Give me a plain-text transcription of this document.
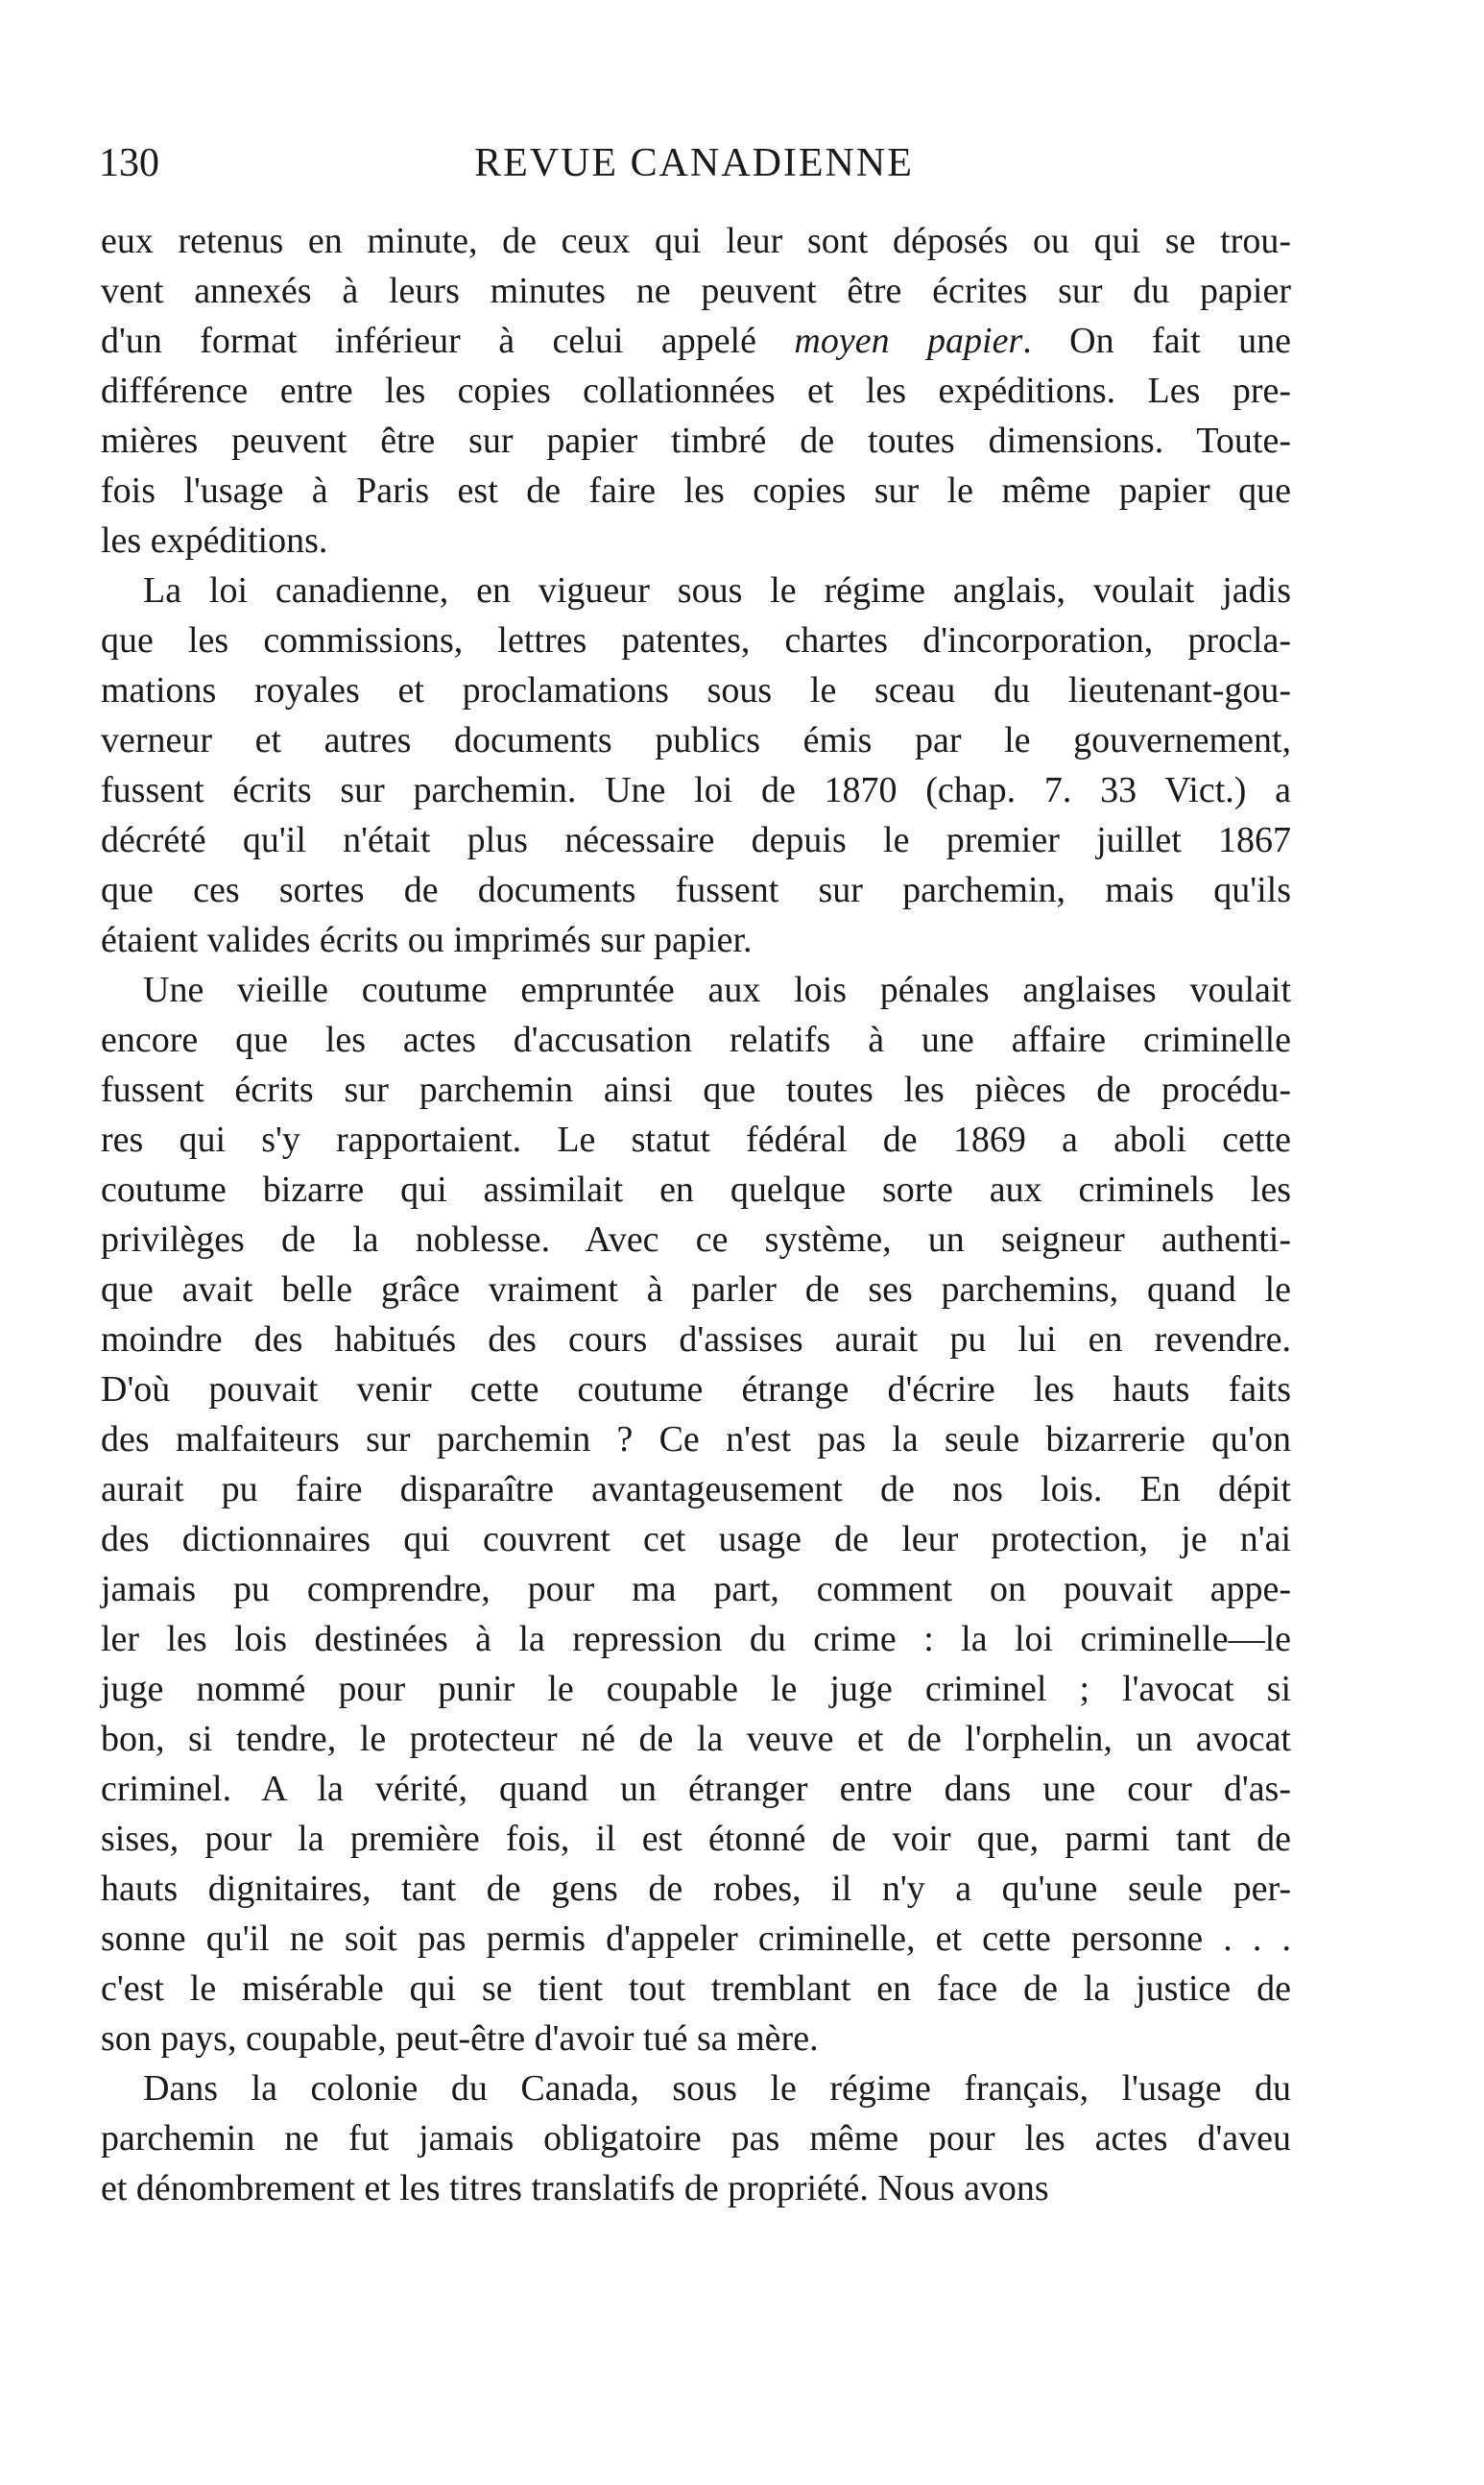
130	REVUE CANADIENNE
eux retenus en minute, de ceux qui leur sont déposés ou qui se trou-
vent annexés à leurs minutes ne peuvent être écrites sur du papier
d'un format inférieur à celui appelé moyen papier. On fait une
différence entre les copies collationnées et les expéditions. Les pre-
mières peuvent être sur papier timbré de toutes dimensions. Toute-
fois l'usage à Paris est de faire les copies sur le même papier que
les expéditions.
La loi canadienne, en vigueur sous le régime anglais, voulait jadis
que les commissions, lettres patentes, chartes d'incorporation, procla-
mations royales et proclamations sous le sceau du lieutenant-gou-
verneur et autres documents publics émis par le gouvernement,
fussent écrits sur parchemin. Une loi de 1870 (chap. 7. 33 Vict.) a
décrété qu'il n'était plus nécessaire depuis le premier juillet 1867
que ces sortes de documents fussent sur parchemin, mais qu'ils
étaient valides écrits ou imprimés sur papier.
Une vieille coutume empruntée aux lois pénales anglaises voulait
encore que les actes d'accusation relatifs à une affaire criminelle
fussent écrits sur parchemin ainsi que toutes les pièces de procédu-
res qui s'y rapportaient. Le statut fédéral de 1869 a aboli cette
coutume bizarre qui assimilait en quelque sorte aux criminels les
privilèges de la noblesse. Avec ce système, un seigneur authenti-
que avait belle grâce vraiment à parler de ses parchemins, quand le
moindre des habitués des cours d'assises aurait pu lui en revendre.
D'où pouvait venir cette coutume étrange d'écrire les hauts faits
des malfaiteurs sur parchemin ? Ce n'est pas la seule bizarrerie qu'on
aurait pu faire disparaître avantageusement de nos lois. En dépit
des dictionnaires qui couvrent cet usage de leur protection, je n'ai
jamais pu comprendre, pour ma part, comment on pouvait appe-
ler les lois destinées à la repression du crime : la loi criminelle—le
juge nommé pour punir le coupable le juge criminel ; l'avocat si
bon, si tendre, le protecteur né de la veuve et de l'orphelin, un avocat
criminel. A la vérité, quand un étranger entre dans une cour d'as-
sises, pour la première fois, il est étonné de voir que, parmi tant de
hauts dignitaires, tant de gens de robes, il n'y a qu'une seule per-
sonne qu'il ne soit pas permis d'appeler criminelle, et cette personne . . .
c'est le misérable qui se tient tout tremblant en face de la justice de
son pays, coupable, peut-être d'avoir tué sa mère.
Dans la colonie du Canada, sous le régime français, l'usage du
parchemin ne fut jamais obligatoire pas même pour les actes d'aveu
et dénombrement et les titres translatifs de propriété. Nous avons
